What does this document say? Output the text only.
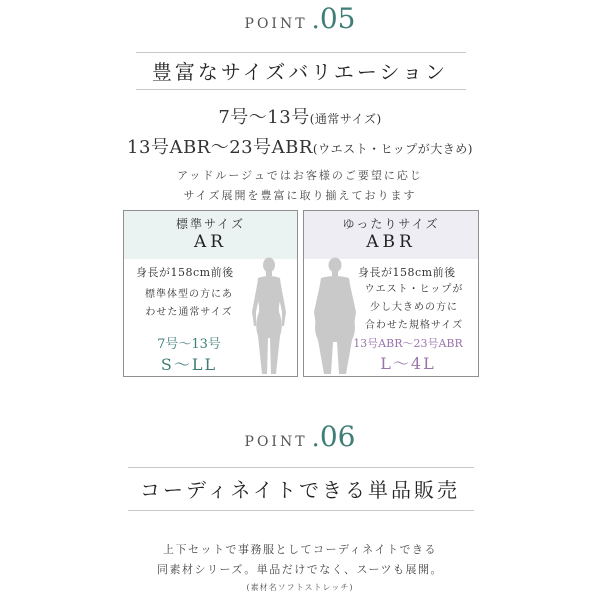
POINT .05
豊富なサイズバリエーション
7号～13号(通常サイズ)
13号ABR～23号ABR(ウエスト・ヒップが大きめ)
アッドルージュではお客様のご要望に応じ
サイズ展開を豊富に取り揃えております
標準サイズ
AR
身長が158cm前後
標準体型の方にあ
わせた通常サイズ
7号～13号
S～LL
ゆったりサイズ
ABR
身長が158cm前後
ウエスト・ヒップが
少し大きめの方に
合わせた規格サイズ
13号ABR～23号ABR
L～4L
POINT .06
コーディネイトできる単品販売
上下セットで事務服としてコーディネイトできる
同素材シリーズ。単品だけでなく、スーツも展開。
(素材名ソフトストレッチ)
